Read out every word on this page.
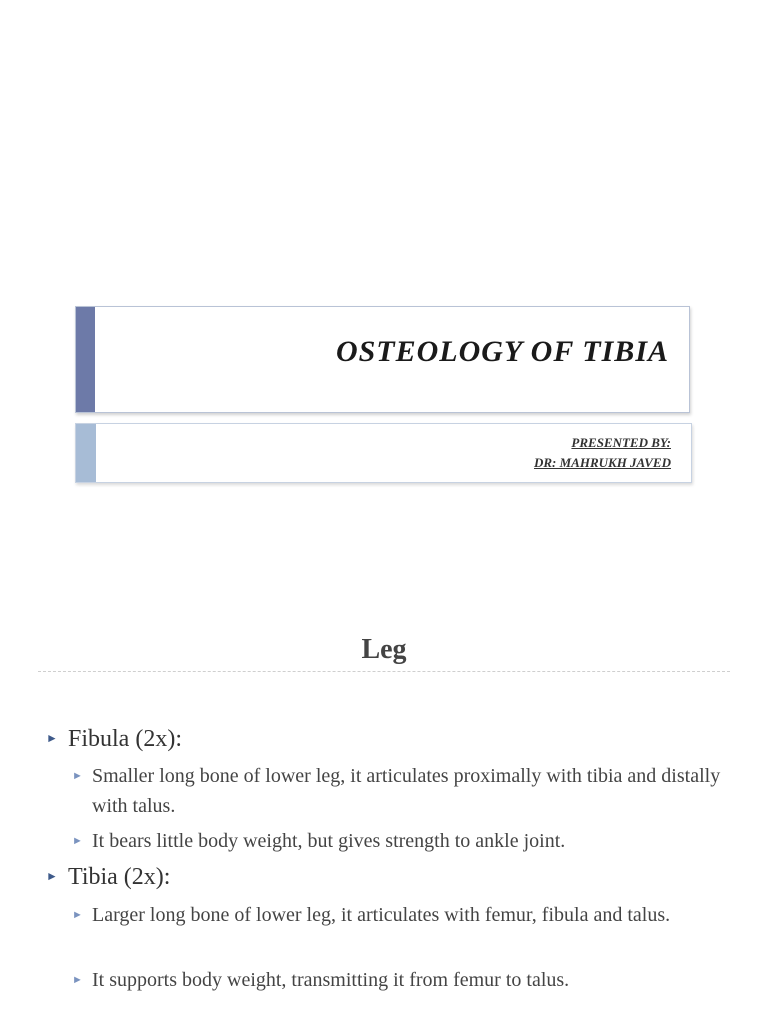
OSTEOLOGY OF TIBIA
PRESENTED BY:
DR: MAHRUKH JAVED
Leg
► Fibula (2x):
► Smaller long bone of lower leg, it articulates proximally with tibia and distally with talus.
► It bears little body weight, but gives strength to ankle joint.
► Tibia (2x):
► Larger long bone of lower leg, it articulates with femur, fibula and talus.
► It supports body weight, transmitting it from femur to talus.
